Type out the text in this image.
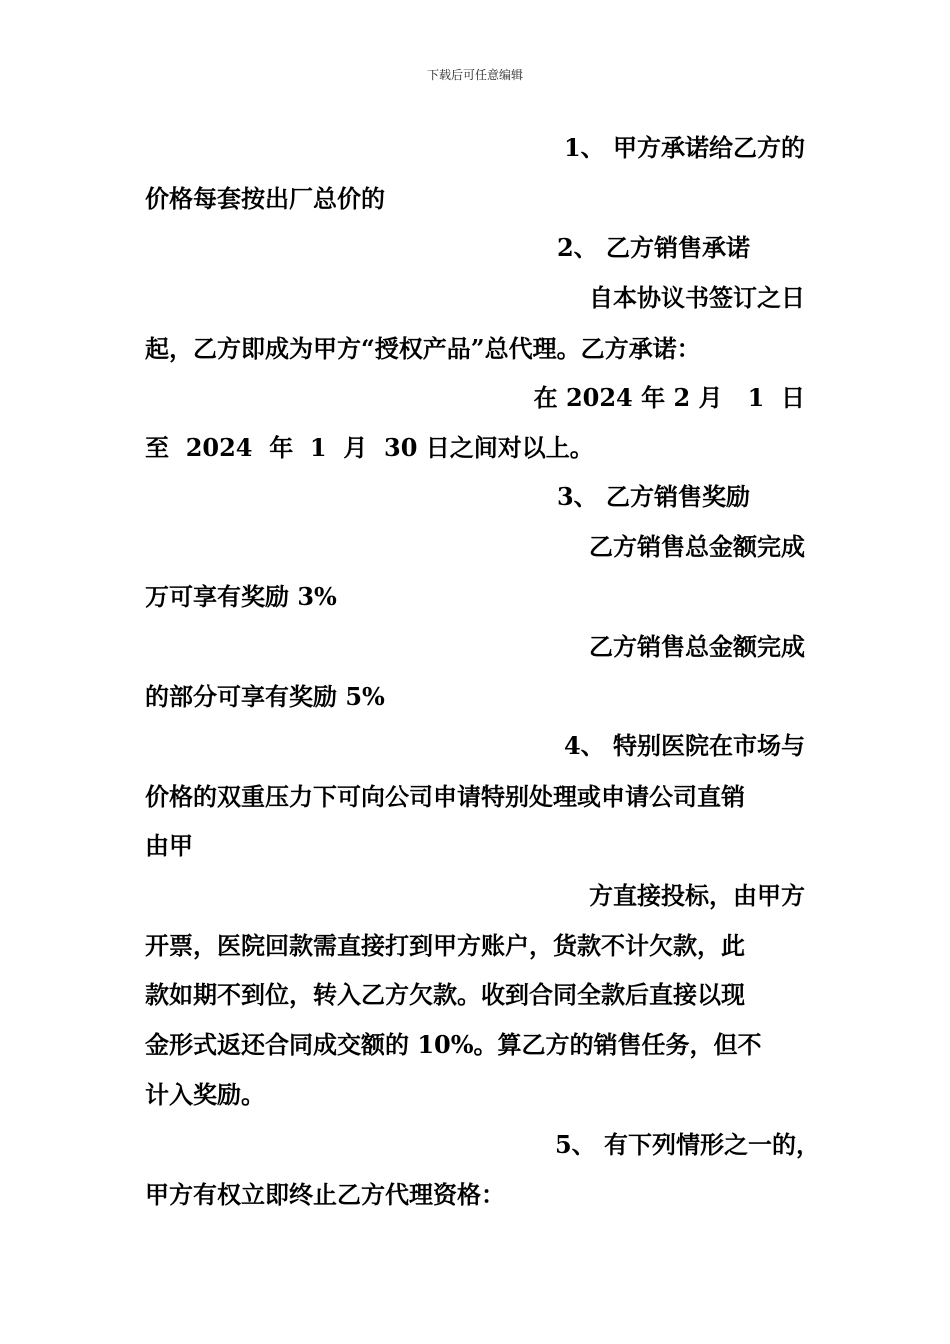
下载后可任意编辑
1、 甲方承诺给乙方的
价格每套按出厂总价的
2、 乙方销售承诺
自本协议书签订之日
起，乙方即成为甲方“授权产品”总代理。乙方承诺：
在 2024 年 2 月   1  日
至  2024  年  1  月  30 日之间对以上。
3、 乙方销售奖励
乙方销售总金额完成
万可享有奖励 3%
乙方销售总金额完成
的部分可享有奖励 5%
4、 特别医院在市场与
价格的双重压力下可向公司申请特别处理或申请公司直销
由甲
方直接投标，由甲方
开票，医院回款需直接打到甲方账户，货款不计欠款，此
款如期不到位，转入乙方欠款。收到合同全款后直接以现
金形式返还合同成交额的 10%。算乙方的销售任务，但不
计入奖励。
5、 有下列情形之一的，
甲方有权立即终止乙方代理资格：
